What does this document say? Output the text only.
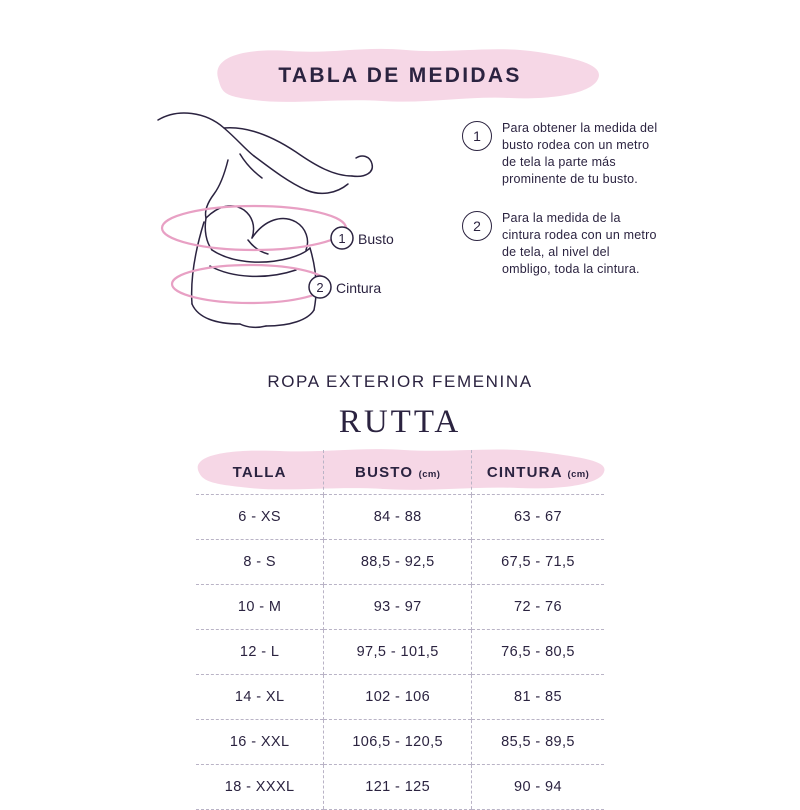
TABLA DE MEDIDAS
1
2
Busto
Cintura
1	Para obtener la medida del busto rodea con un metro de tela la parte más prominente de tu busto.
2	Para la medida de la cintura rodea con un metro de tela, al nivel del ombligo, toda la cintura.
ROPA EXTERIOR FEMENINA
RUTTA
TALLA	BUSTO (cm)	CINTURA (cm)
6 - XS	84 - 88	63 - 67
8 - S	88,5 - 92,5	67,5 - 71,5
10 - M	93 - 97	72 - 76
12 - L	97,5 - 101,5	76,5 - 80,5
14 - XL	102 - 106	81 - 85
16 - XXL	106,5 - 120,5	85,5 - 89,5
18 - XXXL	121 - 125	90 - 94
